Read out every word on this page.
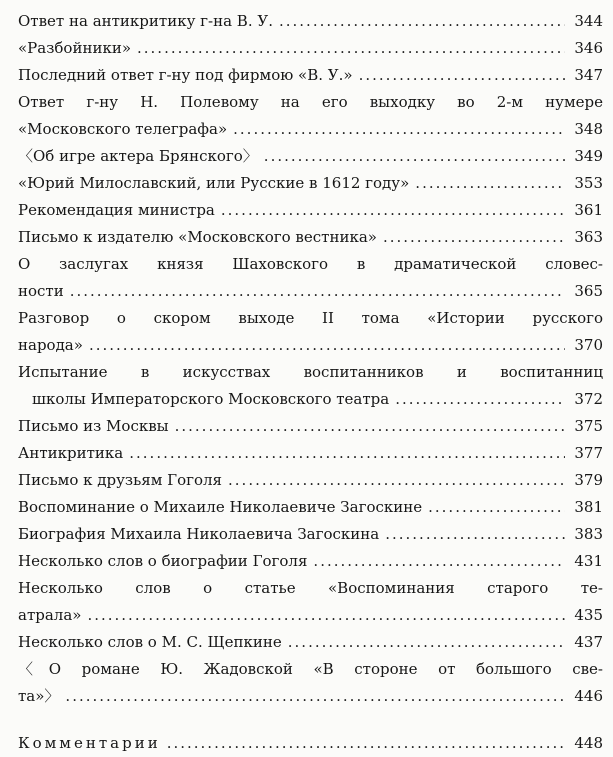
Ответ на антикритику г-на В. У. .....	344
«Разбойники» .....	346
Последний ответ г-ну под фирмою «В. У.» .....	347
Ответ г-ну Н. Полевому на его выходку во 2-м нумере
«Московского телеграфа» .....	348
〈Об игре актера Брянского〉 .....	349
«Юрий Милославский, или Русские в 1612 году» .....	353
Рекомендация министра .....	361
Письмо к издателю «Московского вестника» .....	363
О заслугах князя Шаховского в драматической словес-
ности .....	365
Разговор о скором выходе II тома «Истории русского
народа» .....	370
Испытание в искусствах воспитанников и воспитанниц
школы Императорского Московского театра .....	372
Письмо из Москвы .....	375
Антикритика .....	377
Письмо к друзьям Гоголя .....	379
Воспоминание о Михаиле Николаевиче Загоскине .....	381
Биография Михаила Николаевича Загоскина .....	383
Несколько слов о биографии Гоголя .....	431
Несколько слов о статье «Воспоминания старого те-
атрала» .....	435
Несколько слов о М. С. Щепкине .....	437
〈О романе Ю. Жадовской «В стороне от большого све-
та»〉 .....	446
Комментарии .....	448
